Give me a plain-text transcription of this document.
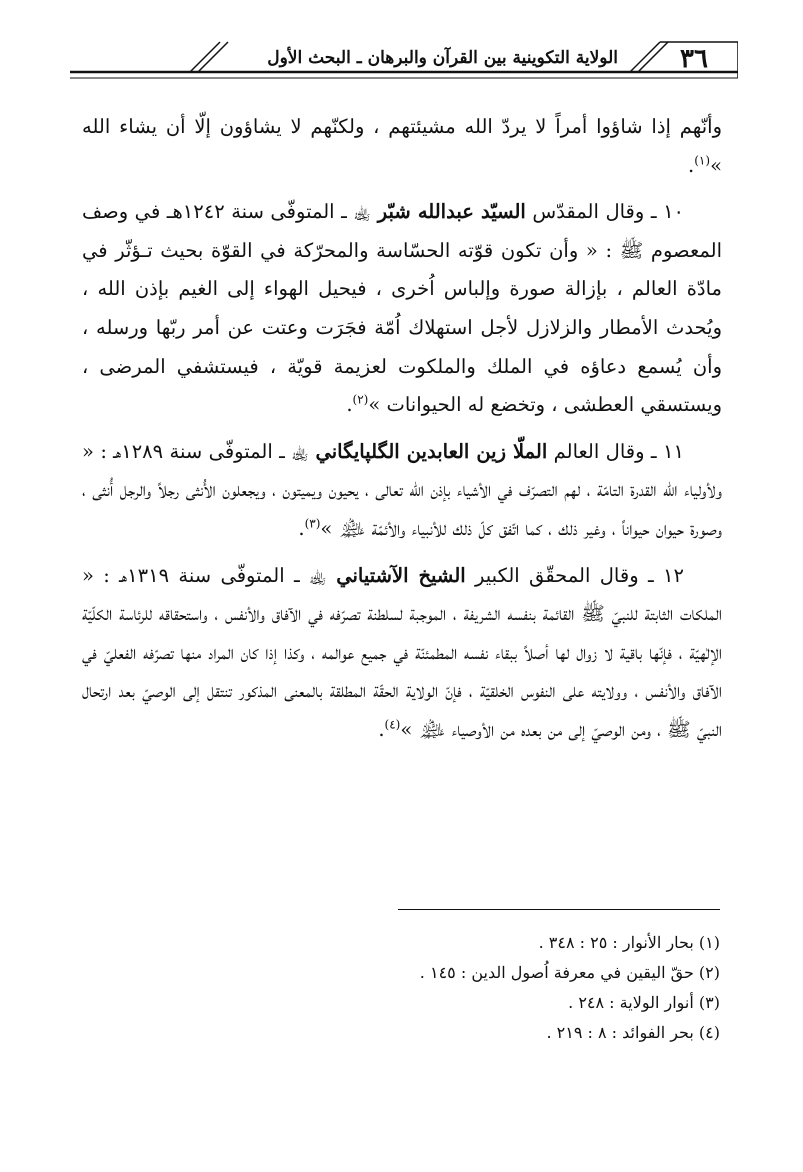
٣٦
الولاية التكوينية بين القرآن والبرهان ـ البحث الأول

وأنّهم إذا شاؤوا أمراً لا يردّ الله مشيئتهم ، ولكنّهم لا يشاؤون إلّا أن يشاء الله »$^{(١)}$.

١٠ ـ وقال المقدّس السيّد عبدالله شبّر ﵀ ـ المتوفّى سنة ١٢٤٢هـ في وصف المعصوم ﷺ : « وأن تكون قوّته الحسّاسة والمحرّكة في القوّة بحيث تـؤثّر في مادّة العالم ، بإزالة صورة وإلباس اُخرى ، فيحيل الهواء إلى الغيم بإذن الله ، ويُحدث الأمطار والزلازل لأجل استهلاك اُمّة فجَرَت وعتت عن أمر ربّها ورسله ، وأن يُسمع دعاؤه في الملك والملكوت لعزيمة قويّة ، فيستشفي المرضى ، ويستسقي العطشى ، وتخضع له الحيوانات »$^{(٢)}$.

١١ ـ وقال العالم الملّا زين العابدين الگلپايگاني ﵀ ـ المتوفّى سنة ١٢٨٩هـ : « ولأولياء الله القدرة التامّة ، لهم التصرّف في الأشياء بإذن الله تعالى ، يحيون ويميتون ، ويجعلون الأُنثى رجلاً والرجل أُنثى ، وصورة حيوان حيواناً ، وغير ذلك ، كما اتّفق كلّ ذلك للأنبياء والأئمّة ﵈ »$^{(٣)}$.

١٢ ـ وقال المحقّق الكبير الشيخ الآشتياني ﵀ ـ المتوفّى سنة ١٣١٩هـ : « الملكات الثابتة للنبيّ ﷺ القائمة بنفسه الشريفة ، الموجبة لسلطنة تصرّفه في الآفاق والأنفس ، واستحقاقه للرئاسة الكلّيّة الإلٰهيّة ، فإنّها باقية لا زوال لها أصلاً ببقاء نفسه المطمئنّة في جميع عوالمه ، وكذا إذا كان المراد منها تصرّفه الفعليّ في الآفاق والأنفس ، وولايته على النفوس الخلقيّة ، فإنّ الولاية الحقّة المطلقة بالمعنى المذكور تنتقل إلى الوصيّ بعد ارتحال النبيّ ﷺ ، ومن الوصيّ إلى من بعده من الأوصياء ﵈ »$^{(٤)}$.

(١) بحار الأنوار : ٢٥ : ٣٤٨ .

(٢) حقّ اليقين في معرفة اُصول الدين : ١٤٥ .

(٣) أنوار الولاية : ٢٤٨ .

(٤) بحر الفوائد : ٨ : ٢١٩ .
